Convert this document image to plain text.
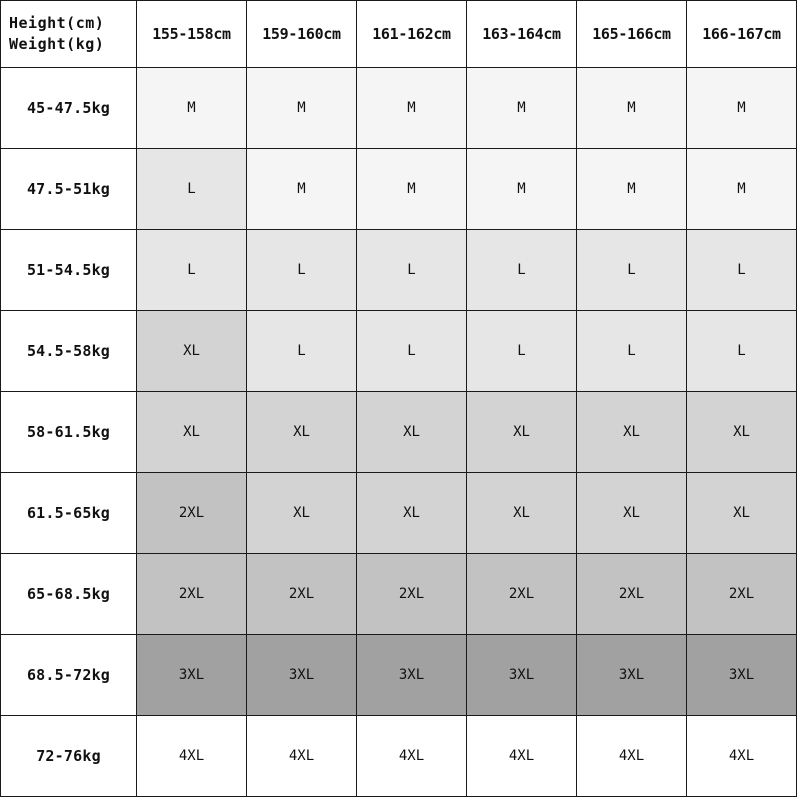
Height(cm)
Weight(kg)	155-158cm	159-160cm	161-162cm	163-164cm	165-166cm	166-167cm
45-47.5kg	M	M	M	M	M	M
47.5-51kg	L	M	M	M	M	M
51-54.5kg	L	L	L	L	L	L
54.5-58kg	XL	L	L	L	L	L
58-61.5kg	XL	XL	XL	XL	XL	XL
61.5-65kg	2XL	XL	XL	XL	XL	XL
65-68.5kg	2XL	2XL	2XL	2XL	2XL	2XL
68.5-72kg	3XL	3XL	3XL	3XL	3XL	3XL
72-76kg	4XL	4XL	4XL	4XL	4XL	4XL
